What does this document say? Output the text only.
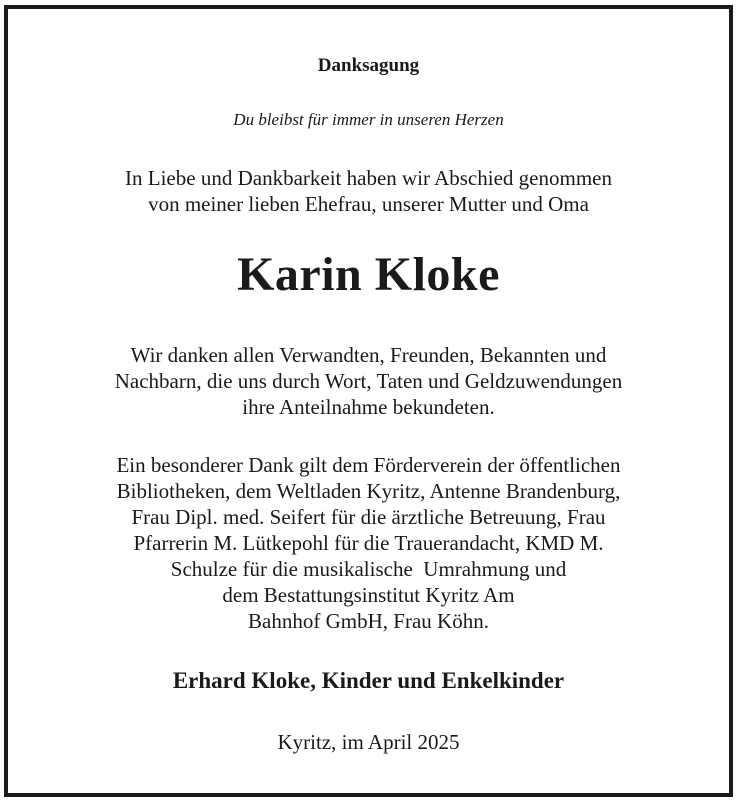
Danksagung
Du bleibst für immer in unseren Herzen

In Liebe und Dankbarkeit haben wir Abschied genommen

von meiner lieben Ehefrau, unserer Mutter und Oma

Karin Kloke

Wir danken allen Verwandten, Freunden, Bekannten und

Nachbarn, die uns durch Wort, Taten und Geldzuwendungen

ihre Anteilnahme bekundeten.

Ein besonderer Dank gilt dem Förderverein der öffentlichen

Bibliotheken, dem Weltladen Kyritz, Antenne Brandenburg,

Frau Dipl. med. Seifert für die ärztliche Betreuung, Frau

Pfarrerin M. Lütkepohl für die Trauerandacht, KMD M.

Schulze für die musikalische  Umrahmung und

dem Bestattungsinstitut Kyritz Am

Bahnhof GmbH, Frau Köhn.

Erhard Kloke, Kinder und Enkelkinder
Kyritz, im April 2025
